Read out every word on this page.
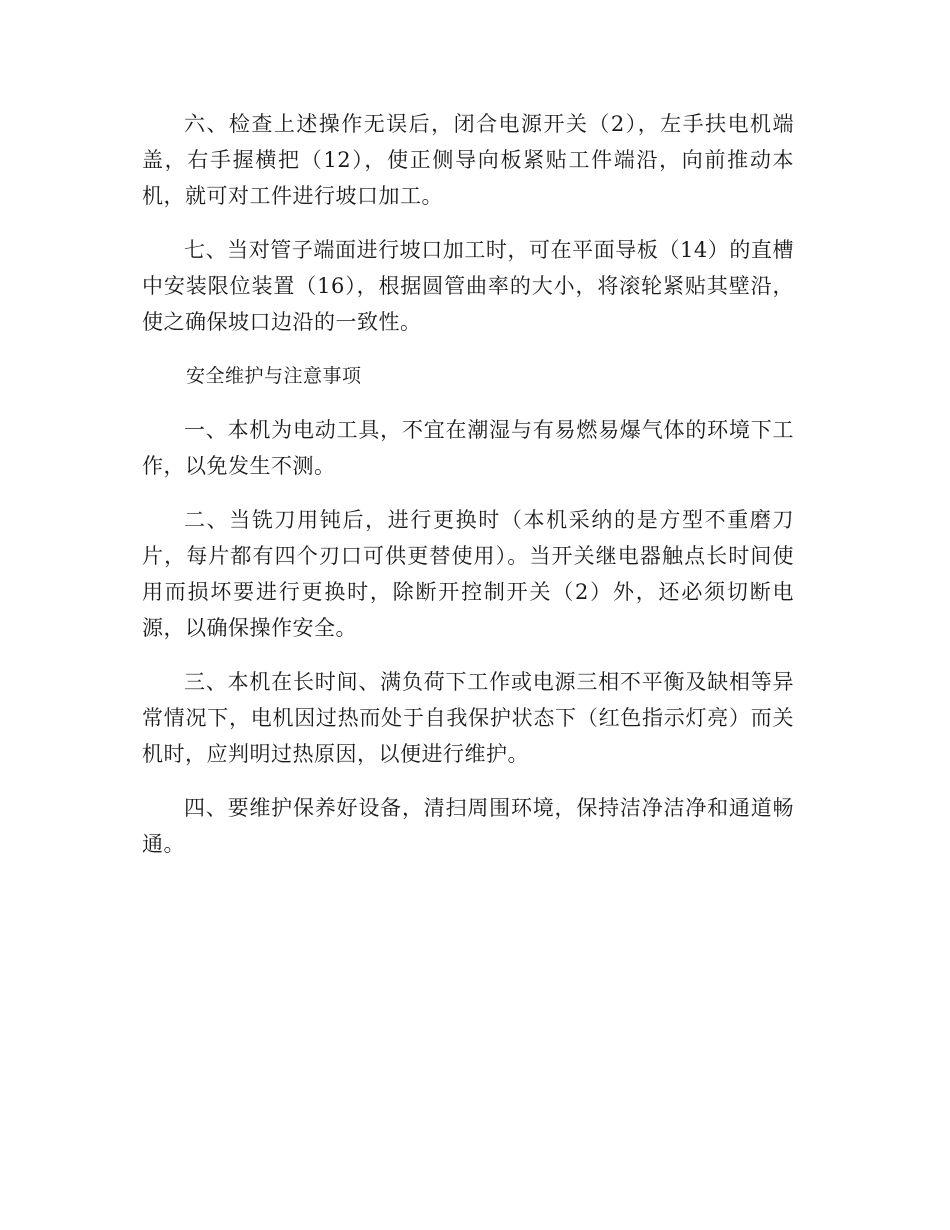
六、检查上述操作无误后，闭合电源开关（2），左手扶电机端盖，右手握横把（12），使正侧导向板紧贴工件端沿，向前推动本机，就可对工件进行坡口加工。

七、当对管子端面进行坡口加工时，可在平面导板（14）的直槽中安装限位装置（16），根据圆管曲率的大小，将滚轮紧贴其壁沿，使之确保坡口边沿的一致性。

安全维护与注意事项

一、本机为电动工具，不宜在潮湿与有易燃易爆气体的环境下工作，以免发生不测。

二、当铣刀用钝后，进行更换时（本机采纳的是方型不重磨刀片，每片都有四个刃口可供更替使用）。当开关继电器触点长时间使用而损坏要进行更换时，除断开控制开关（2）外，还必须切断电源，以确保操作安全。

三、本机在长时间、满负荷下工作或电源三相不平衡及缺相等异常情况下，电机因过热而处于自我保护状态下（红色指示灯亮）而关机时，应判明过热原因，以便进行维护。

四、要维护保养好设备，清扫周围环境，保持洁净洁净和通道畅通。
